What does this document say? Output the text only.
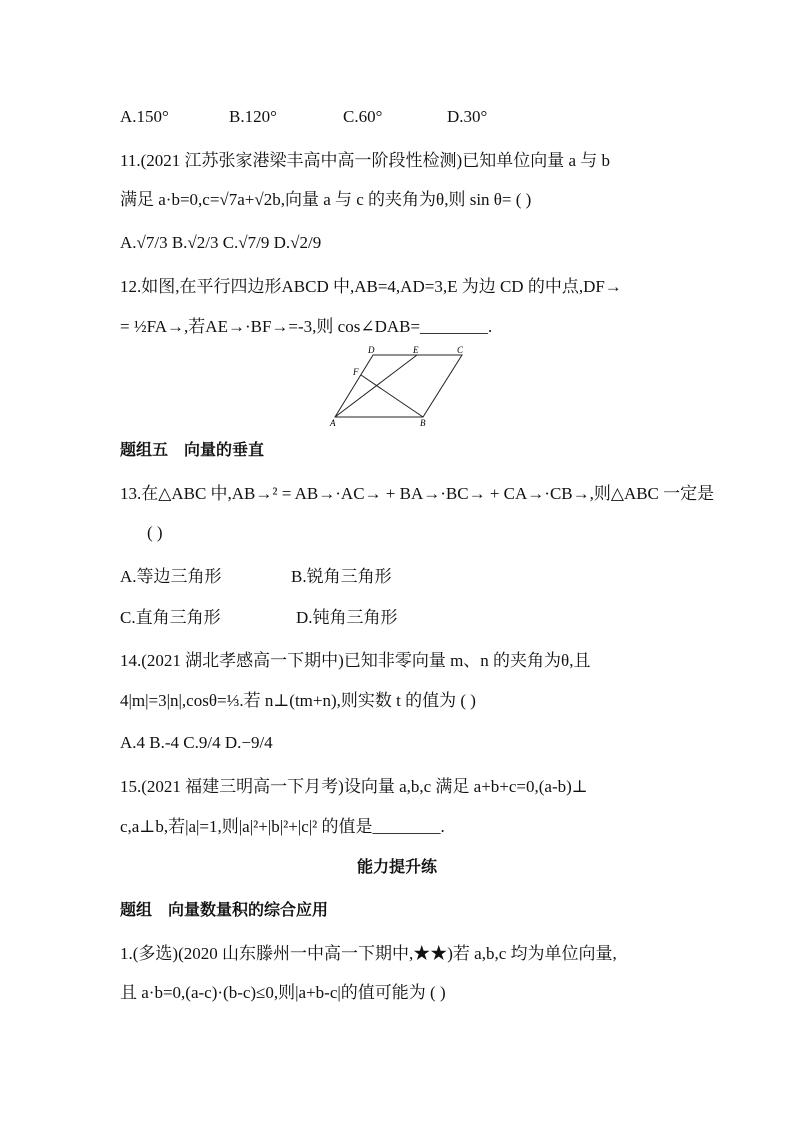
A.150°	B.120°	C.60°	D.30°
11.(2021 江苏张家港梁丰高中高一阶段性检测)已知单位向量 a 与 b
满足 a·b=0,c=√7a+√2b,向量 a 与 c 的夹角为θ,则 sin θ= ( )
A.√7/3 B.√2/3 C.√7/9 D.√2/9
12.如图,在平行四边形ABCD 中,AB=4,AD=3,E 为边 CD 的中点,DF→
= ½FA→,若AE→·BF→=-3,则 cos∠DAB=________.
D	E	C
F
A	B
题组五　向量的垂直
13.在△ABC 中,AB→² = AB→·AC→ + BA→·BC→ + CA→·CB→,则△ABC 一定是
( )
A.等边三角形	B.锐角三角形
C.直角三角形	D.钝角三角形
14.(2021 湖北孝感高一下期中)已知非零向量 m、n 的夹角为θ,且
4|m|=3|n|,cosθ=⅓.若 n⊥(tm+n),则实数 t 的值为 ( )
A.4 B.-4 C.9/4 D.−9/4
15.(2021 福建三明高一下月考)设向量 a,b,c 满足 a+b+c=0,(a-b)⊥
c,a⊥b,若|a|=1,则|a|²+|b|²+|c|² 的值是________.
能力提升练
题组　向量数量积的综合应用
1.(多选)(2020 山东滕州一中高一下期中,★★)若 a,b,c 均为单位向量,
且 a·b=0,(a-c)·(b-c)≤0,则|a+b-c|的值可能为 ( )
